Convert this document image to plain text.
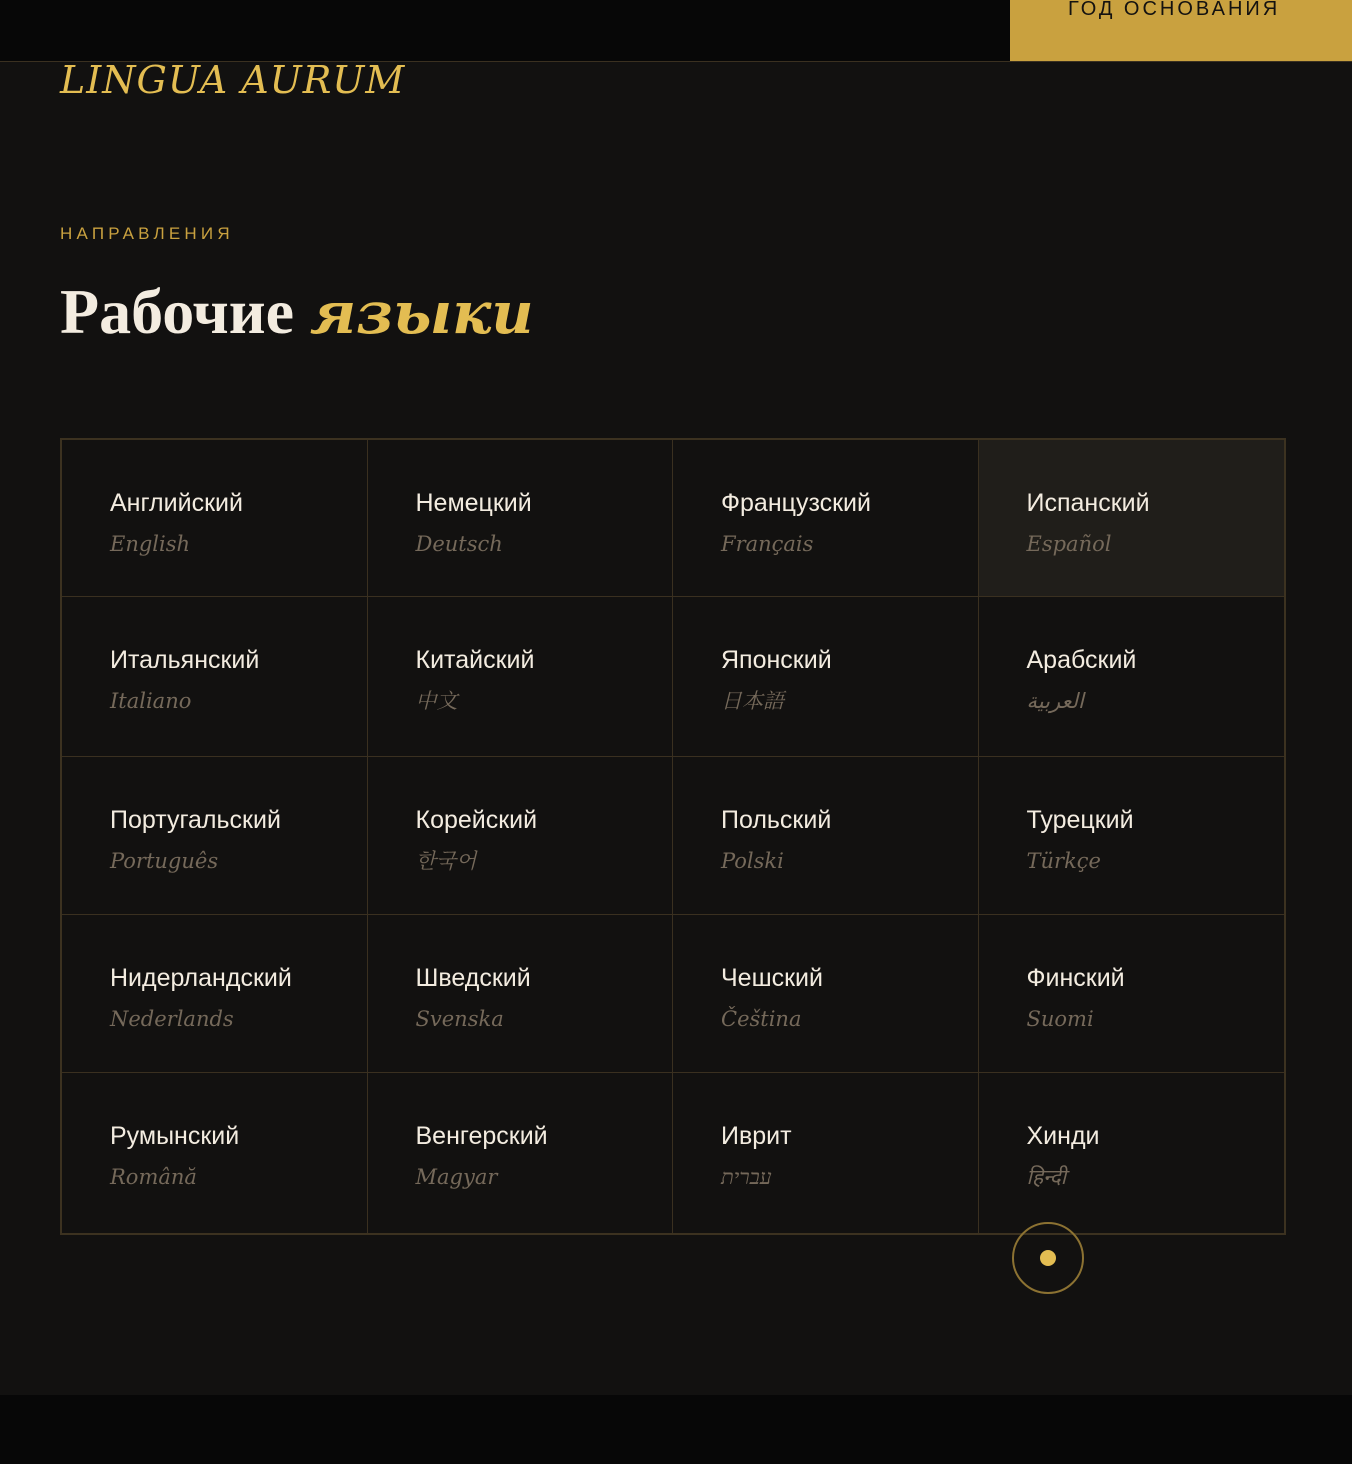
ГОД ОСНОВАНИЯ
LINGUA AURUM
НАПРАВЛЕНИЯ
Рабочие языки
Английский
English
Немецкий
Deutsch
Французский
Français
Испанский
Español
Итальянский
Italiano
Китайский
中文
Японский
日本語
Арабский
العربية
Португальский
Português
Корейский
한국어
Польский
Polski
Турецкий
Türkçe
Нидерландский
Nederlands
Шведский
Svenska
Чешский
Čeština
Финский
Suomi
Румынский
Română
Венгерский
Magyar
Иврит
עברית
Хинди
हिन्दी
